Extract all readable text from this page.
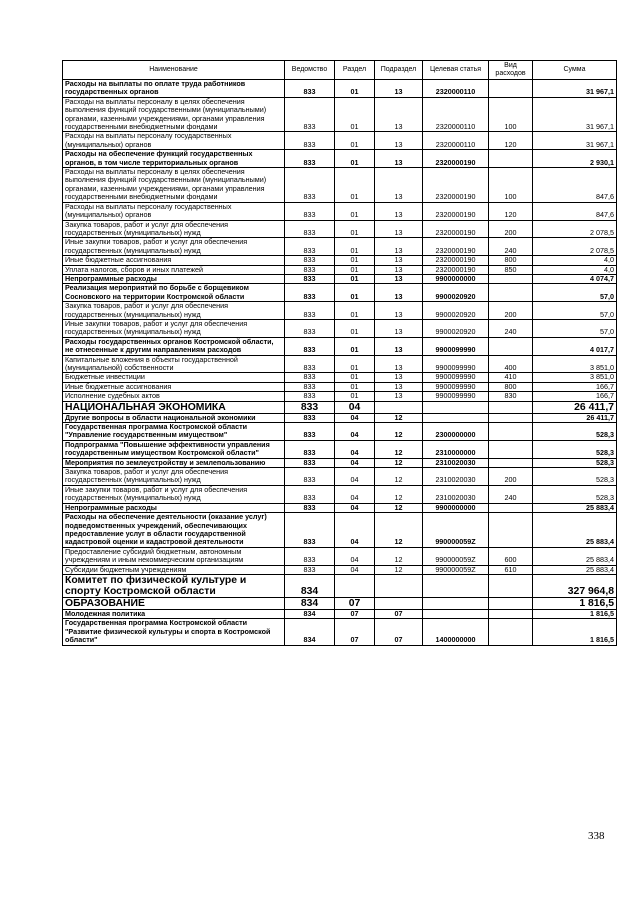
Наименование	Ведомство	Раздел	Подраздел	Целевая статья	Вид расходов	Сумма
Расходы на выплаты по оплате труда работников государственных органов	833	01	13	2320000110		31 967,1
Расходы на выплаты персоналу в целях обеспечения выполнения функций государственными (муниципальными) органами, казенными учреждениями, органами управления государственными внебюджетными фондами	833	01	13	2320000110	100	31 967,1
Расходы на выплаты персоналу государственных (муниципальных) органов	833	01	13	2320000110	120	31 967,1
Расходы на обеспечение функций государственных органов, в том числе территориальных органов	833	01	13	2320000190		2 930,1
Расходы на выплаты персоналу в целях обеспечения выполнения функций государственными (муниципальными) органами, казенными учреждениями, органами управления государственными внебюджетными фондами	833	01	13	2320000190	100	847,6
Расходы на выплаты персоналу государственных (муниципальных) органов	833	01	13	2320000190	120	847,6
Закупка товаров, работ и услуг для обеспечения государственных (муниципальных) нужд	833	01	13	2320000190	200	2 078,5
Иные закупки товаров, работ и услуг для обеспечения государственных (муниципальных) нужд	833	01	13	2320000190	240	2 078,5
Иные бюджетные ассигнования	833	01	13	2320000190	800	4,0
Уплата налогов, сборов и иных платежей	833	01	13	2320000190	850	4,0
Непрограммные расходы	833	01	13	9900000000		4 074,7
Реализация мероприятий по борьбе с борщевиком Сосновского на территории Костромской области	833	01	13	9900020920		57,0
Закупка товаров, работ и услуг для обеспечения государственных (муниципальных) нужд	833	01	13	9900020920	200	57,0
Иные закупки товаров, работ и услуг для обеспечения государственных (муниципальных) нужд	833	01	13	9900020920	240	57,0
Расходы государственных органов Костромской области, не отнесенные к другим направлениям расходов	833	01	13	9900099990		4 017,7
Капитальные вложения в объекты государственной (муниципальной) собственности	833	01	13	9900099990	400	3 851,0
Бюджетные инвестиции	833	01	13	9900099990	410	3 851,0
Иные бюджетные ассигнования	833	01	13	9900099990	800	166,7
Исполнение судебных актов	833	01	13	9900099990	830	166,7
НАЦИОНАЛЬНАЯ ЭКОНОМИКА	833	04				26 411,7
Другие вопросы в области национальной экономики	833	04	12			26 411,7
Государственная программа Костромской области "Управление государственным имуществом"	833	04	12	2300000000		528,3
Подпрограмма "Повышение эффективности управления государственным имуществом Костромской области"	833	04	12	2310000000		528,3
Мероприятия по землеустройству и землепользованию	833	04	12	2310020030		528,3
Закупка товаров, работ и услуг для обеспечения государственных (муниципальных) нужд	833	04	12	2310020030	200	528,3
Иные закупки товаров, работ и услуг для обеспечения государственных (муниципальных) нужд	833	04	12	2310020030	240	528,3
Непрограммные расходы	833	04	12	9900000000		25 883,4
Расходы на обеспечение деятельности (оказание услуг) подведомственных учреждений, обеспечивающих предоставление услуг в области государственной кадастровой оценки и кадастровой деятельности	833	04	12	990000059Z		25 883,4
Предоставление субсидий бюджетным, автономным учреждениям и иным некоммерческим организациям	833	04	12	990000059Z	600	25 883,4
Субсидии бюджетным учреждениям	833	04	12	990000059Z	610	25 883,4
Комитет по физической культуре и спорту Костромской области	834					327 964,8
ОБРАЗОВАНИЕ	834	07				1 816,5
Молодежная политика	834	07	07			1 816,5
Государственная программа Костромской области "Развитие физической культуры и спорта в Костромской области"	834	07	07	1400000000		1 816,5
338
